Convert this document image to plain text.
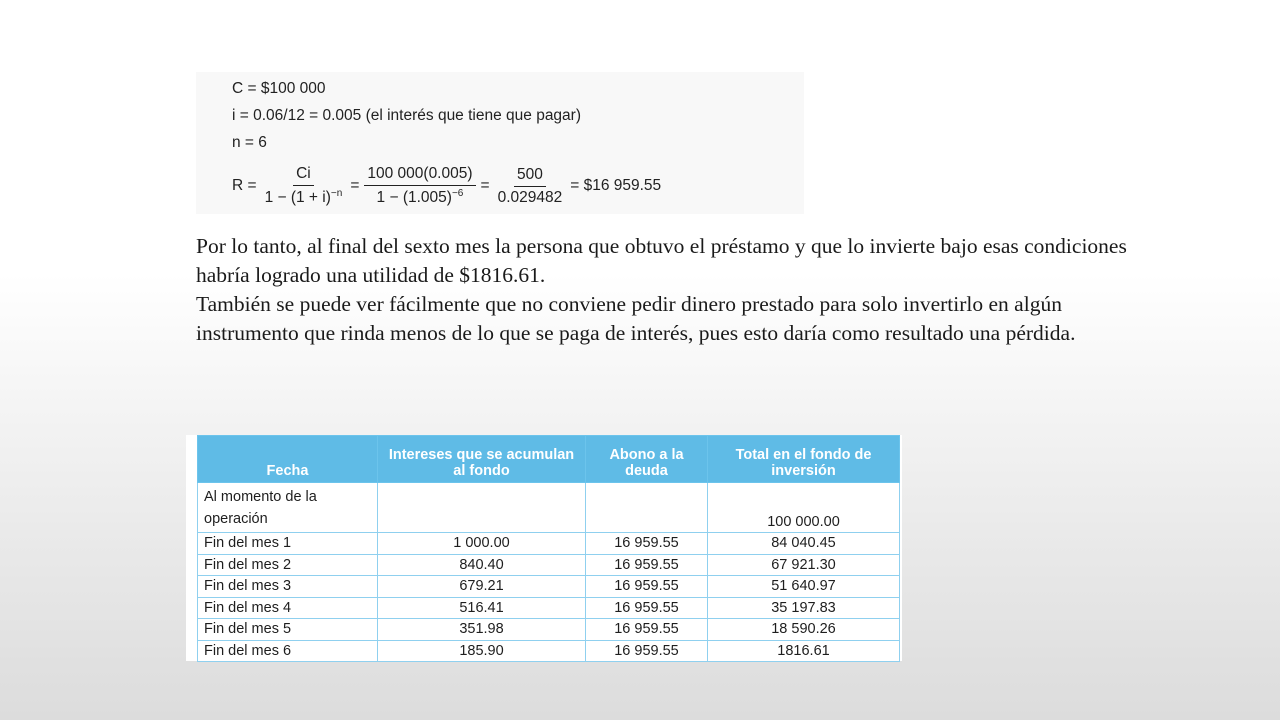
C = $100 000
i = 0.06/12 = 0.005 (el interés que tiene que pagar)
n = 6
$R = \frac{Ci}{1 - (1 + i)^{-n}} = \frac{100 000(0.005)}{1 - (1.005)^{-6}} = \frac{500}{0.029482}$ = $16 959.55

Por lo tanto, al final del sexto mes la persona que obtuvo el préstamo y que lo invierte bajo esas condiciones habría logrado una utilidad de $1816.61.

También se puede ver fácilmente que no conviene pedir dinero prestado para solo invertirlo en algún instrumento que rinda menos de lo que se paga de interés, pues esto daría como resultado una pérdida.

Fecha	Intereses que se acumulan al fondo	Abono a la deuda	Total en el fondo de inversión
Al momento de la operación			100 000.00
Fin del mes 1	1 000.00	16 959.55	84 040.45
Fin del mes 2	840.40	16 959.55	67 921.30
Fin del mes 3	679.21	16 959.55	51 640.97
Fin del mes 4	516.41	16 959.55	35 197.83
Fin del mes 5	351.98	16 959.55	18 590.26
Fin del mes 6	185.90	16 959.55	1816.61
